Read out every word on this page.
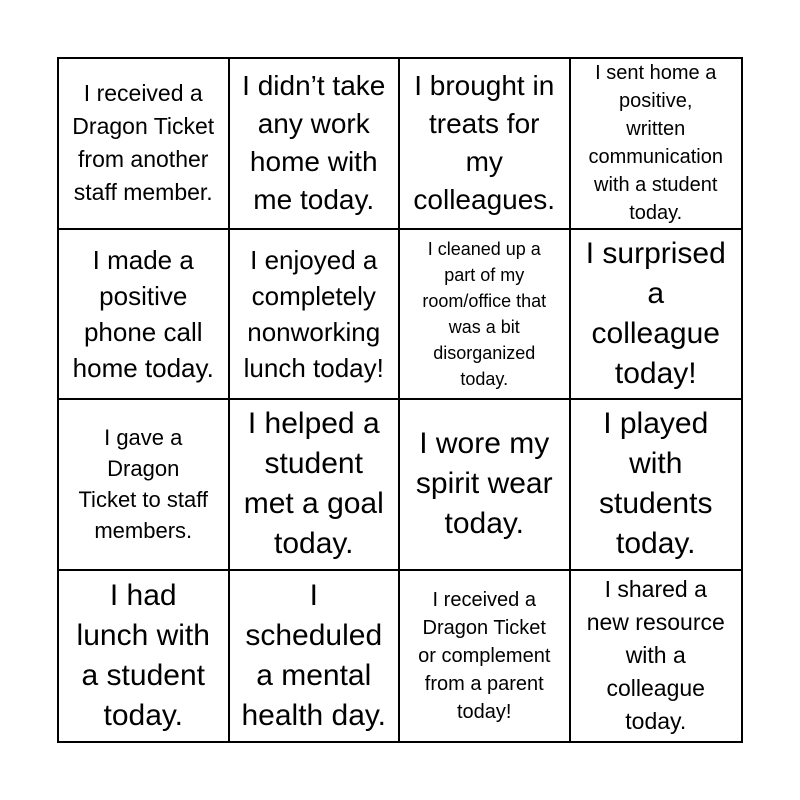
I received a
Dragon Ticket
from another
staff member.
I didn’t take
any work
home with
me today.
I brought in
treats for
my
colleagues.
I sent home a
positive,
written
communication
with a student
today.
I made a
positive
phone call
home today.
I enjoyed a
completely
nonworking
lunch today!
I cleaned up a
part of my
room/office that
was a bit
disorganized
today.
I surprised
a
colleague
today!
I gave a
Dragon
Ticket to staff
members.
I helped a
student
met a goal
today.
I wore my
spirit wear
today.
I played
with
students
today.
I had
lunch with
a student
today.
I
scheduled
a mental
health day.
I received a
Dragon Ticket
or complement
from a parent
today!
I shared a
new resource
with a
colleague
today.
